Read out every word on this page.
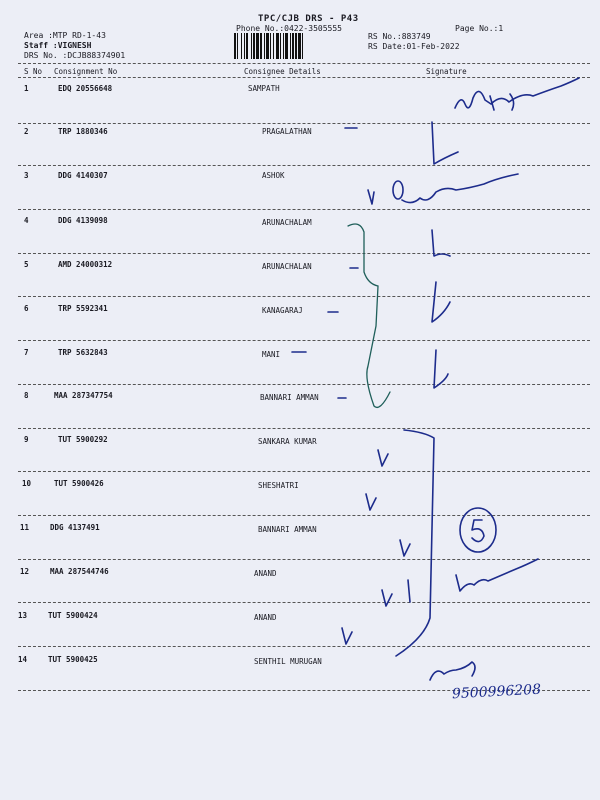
TPC/CJB DRS - P43
Phone No.:0422-3505555	Page No.:1
Area :MTP RD-1-43
Staff :VIGNESH
DRS No. :DCJB88374901
RS No.:883749
RS Date:01-Feb-2022
S No Consignment No	Consignee Details	Signature
1	EDQ 20556648	SAMPATH
2	TRP 1880346	PRAGALATHAN
3	DDG 4140307	ASHOK
4	DDG 4139098	ARUNACHALAM
5	AMD 24000312	ARUNACHALAN
6	TRP 5592341	KANAGARAJ
7	TRP 5632843	MANI
8	MAA 287347754	BANNARI AMMAN
9	TUT 5900292	SANKARA KUMAR
10	TUT 5900426	SHESHATRI
11	DDG 4137491	BANNARI AMMAN
12	MAA 287544746	ANAND
13	TUT 5900424	ANAND
14	TUT 5900425	SENTHIL MURUGAN
9500996208
